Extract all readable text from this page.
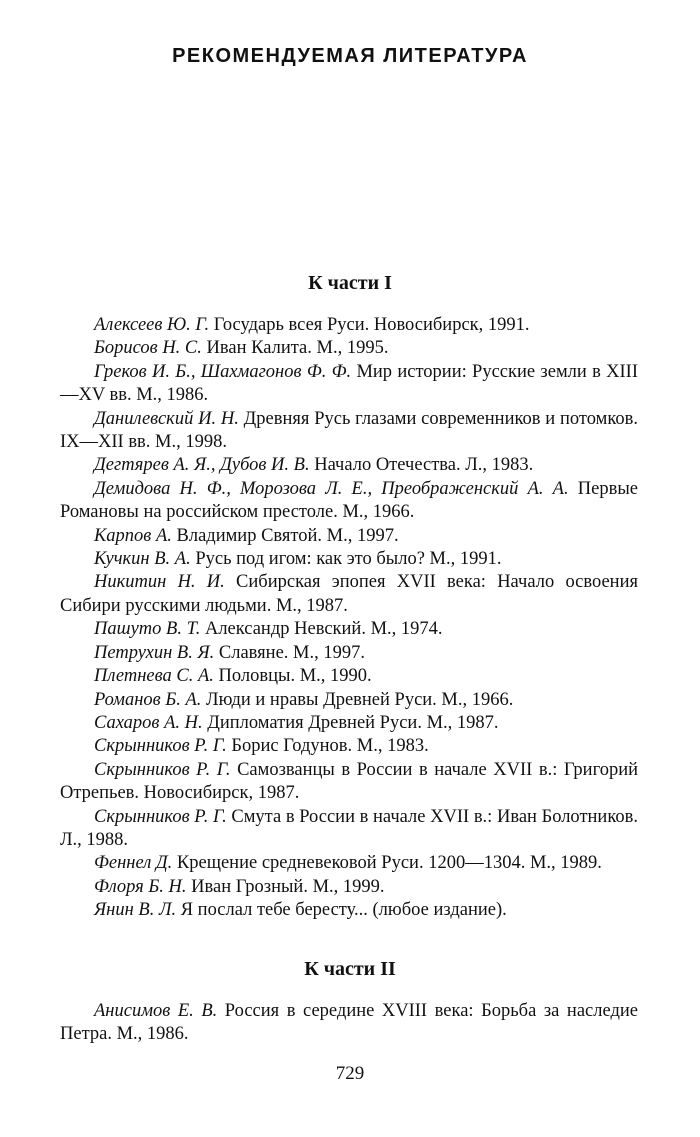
РЕКОМЕНДУЕМАЯ ЛИТЕРАТУРА
К части I

Алексеев Ю. Г. Государь всея Руси. Новосибирск, 1991.

Борисов Н. С. Иван Калита. М., 1995.

Греков И. Б., Шахмагонов Ф. Ф. Мир истории: Русские земли в XIII—XV вв. М., 1986.

Данилевский И. Н. Древняя Русь глазами современников и потомков. IX—XII вв. М., 1998.

Дегтярев А. Я., Дубов И. В. Начало Отечества. Л., 1983.

Демидова Н. Ф., Морозова Л. Е., Преображенский А. А. Первые Романовы на российском престоле. М., 1966.

Карпов А. Владимир Святой. М., 1997.

Кучкин В. А. Русь под игом: как это было? М., 1991.

Никитин Н. И. Сибирская эпопея XVII века: Начало освоения Сибири русскими людьми. М., 1987.

Пашуто В. Т. Александр Невский. М., 1974.

Петрухин В. Я. Славяне. М., 1997.

Плетнева С. А. Половцы. М., 1990.

Романов Б. А. Люди и нравы Древней Руси. М., 1966.

Сахаров А. Н. Дипломатия Древней Руси. М., 1987.

Скрынников Р. Г. Борис Годунов. М., 1983.

Скрынников Р. Г. Самозванцы в России в начале XVII в.: Григорий Отрепьев. Новосибирск, 1987.

Скрынников Р. Г. Смута в России в начале XVII в.: Иван Болотников. Л., 1988.

Феннел Д. Крещение средневековой Руси. 1200—1304. М., 1989.

Флоря Б. Н. Иван Грозный. М., 1999.

Янин В. Л. Я послал тебе бересту... (любое издание).

К части II

Анисимов Е. В. Россия в середине XVIII века: Борьба за наследие Петра. М., 1986.

729
